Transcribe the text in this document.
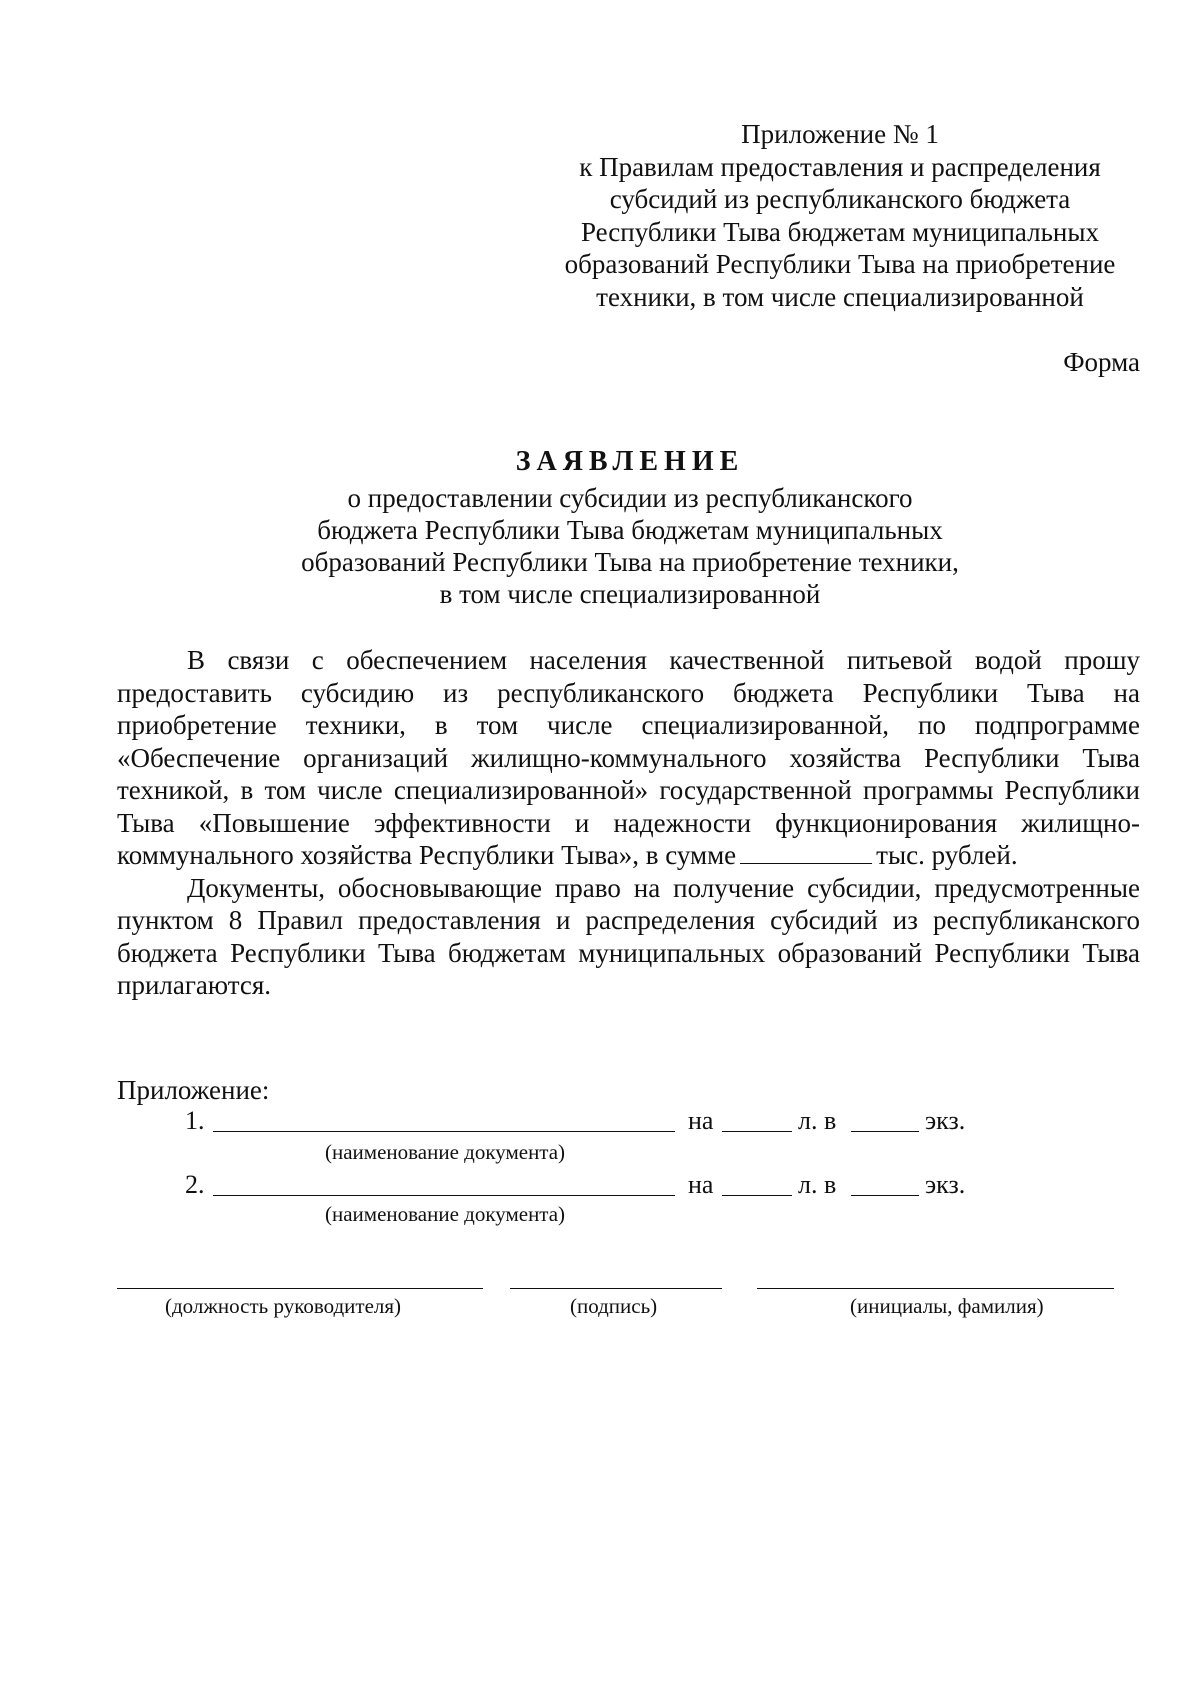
Приложение № 1
к Правилам предоставления и распределения
субсидий из республиканского бюджета
Республики Тыва бюджетам муниципальных
образований Республики Тыва на приобретение
техники, в том числе специализированной
Форма
ЗАЯВЛЕНИЕ
о предоставлении субсидии из республиканского
бюджета Республики Тыва бюджетам муниципальных
образований Республики Тыва на приобретение техники,
в том числе специализированной

В связи с обеспечением населения качественной питьевой водой прошу предоставить субсидию из республиканского бюджета Республики Тыва на приобретение техники, в том числе специализированной, по подпрограмме «Обеспечение организаций жилищно-коммунального хозяйства Республики Тыва техникой, в том числе специализированной» государственной программы Республики Тыва «Повышение эффективности и надежности функционирования жилищно-коммунального хозяйства Республики Тыва», в сумме	тыс. рублей.

Документы, обосновывающие право на получение субсидии, предусмотренные пунктом 8 Правил предоставления и распределения субсидий из республиканского бюджета Республики Тыва бюджетам муниципальных образований Республики Тыва прилагаются.

Приложение:
1.	на	л. в	экз.
(наименование документа)
2.	на	л. в	экз.
(наименование документа)
(должность руководителя)	(подпись)	(инициалы, фамилия)
